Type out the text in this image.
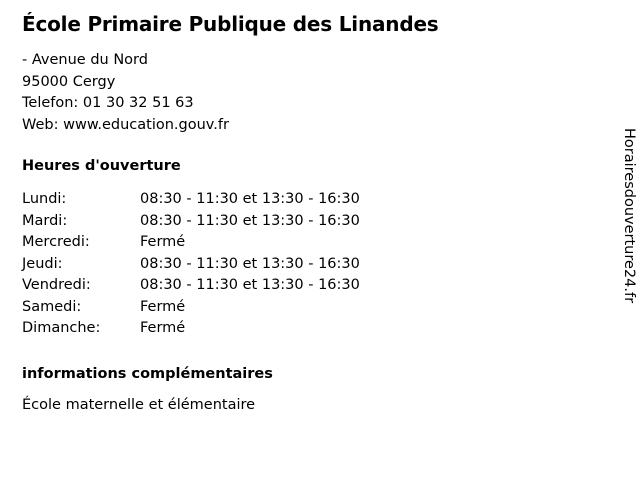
École Primaire Publique des Linandes
- Avenue du Nord
95000 Cergy
Telefon: 01 30 32 51 63
Web: www.education.gouv.fr
Heures d'ouverture
Lundi:	08:30 - 11:30 et 13:30 - 16:30
Mardi:	08:30 - 11:30 et 13:30 - 16:30
Mercredi:	Fermé
Jeudi:	08:30 - 11:30 et 13:30 - 16:30
Vendredi:	08:30 - 11:30 et 13:30 - 16:30
Samedi:	Fermé
Dimanche:	Fermé
informations complémentaires
École maternelle et élémentaire
Horairesdouverture24.fr
